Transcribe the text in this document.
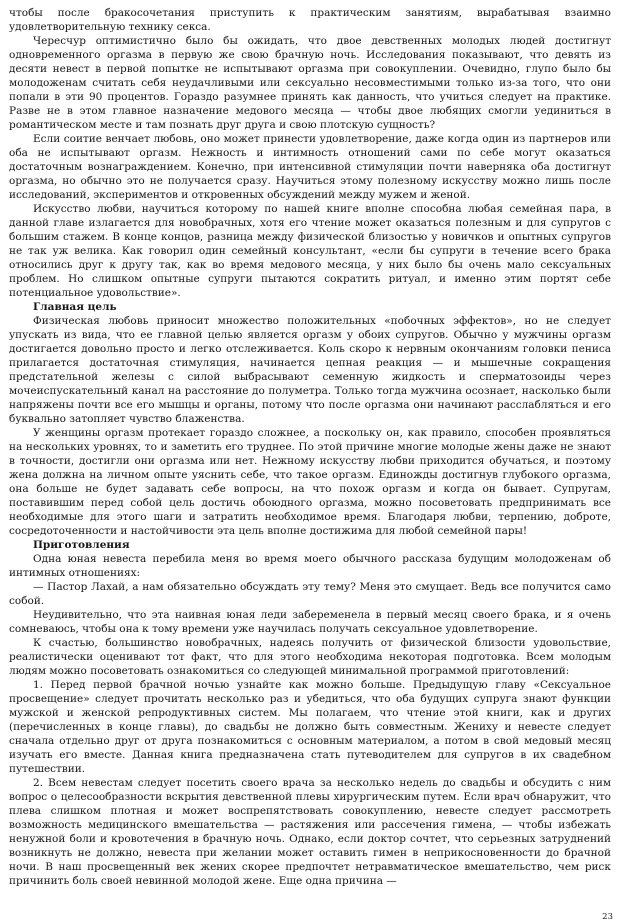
чтобы после бракосочетания приступить к практическим занятиям, вырабатывая взаимно удовлетворительную технику секса.

Чересчур оптимистично было бы ожидать, что двое девственных молодых людей достигнут одновременного оргазма в первую же свою брачную ночь. Исследования показывают, что девять из десяти невест в первой попытке не испытывают оргазма при совокуплении. Очевидно, глупо было бы молодоженам считать себя неудачливыми или сексуально несовместимыми только из-за того, что они попали в эти 90 процентов. Гораздо разумнее принять как данность, что учиться следует на практике. Разве не в этом главное назначение медового месяца — чтобы двое любящих смогли уединиться в романтическом месте и там познать друг друга и свою плотскую сущность?

Если соитие венчает любовь, оно может принести удовлетворение, даже когда один из партнеров или оба не испытывают оргазм. Нежность и интимность отношений сами по себе могут оказаться достаточным вознаграждением. Конечно, при интенсивной стимуляции почти наверняка оба достигнут оргазма, но обычно это не получается сразу. Научиться этому полезному искусству можно лишь после исследований, экспериментов и откровенных обсуждений между мужем и женой.

Искусство любви, научиться которому по нашей книге вполне способна любая семейная пара, в данной главе излагается для новобрачных, хотя его чтение может оказаться полезным и для супругов с большим стажем. В конце концов, разница между физической близостью у новичков и опытных супругов не так уж велика. Как говорил один семейный консультант, «если бы супруги в течение всего брака относились друг к другу так, как во время медового месяца, у них было бы очень мало сексуальных проблем. Но слишком опытные супруги пытаются сократить ритуал, и именно этим портят себе потенциальное удовольствие».

Главная цель

Физическая любовь приносит множество положительных «побочных эффектов», но не следует упускать из вида, что ее главной целью является оргазм у обоих супругов. Обычно у мужчины оргазм достигается довольно просто и легко отслеживается. Коль скоро к нервным окончаниям головки пениса прилагается достаточная стимуляция, начинается цепная реакция — и мышечные сокращения предстательной железы с силой выбрасывают семенную жидкость и сперматозоиды через мочеиспускательный канал на расстояние до полуметра. Только тогда мужчина осознает, насколько были напряжены почти все его мышцы и органы, потому что после оргазма они начинают расслабляться и его буквально затопляет чувство блаженства.

У женщины оргазм протекает гораздо сложнее, а поскольку он, как правило, способен проявляться на нескольких уровнях, то и заметить его труднее. По этой причине многие молодые жены даже не знают в точности, достигли они оргазма или нет. Нежному искусству любви приходится обучаться, и поэтому жена должна на личном опыте уяснить себе, что такое оргазм. Единожды достигнув глубокого оргазма, она больше не будет задавать себе вопросы, на что похож оргазм и когда он бывает. Супругам, поставившим перед собой цель достичь обоюдного оргазма, можно посоветовать предпринимать все необходимые для этого шаги и затратить необходимое время. Благодаря любви, терпению, доброте, сосредоточенности и настойчивости эта цель вполне достижима для любой семейной пары!

Приготовления

Одна юная невеста перебила меня во время моего обычного рассказа будущим молодоженам об интимных отношениях:

— Пастор Лахай, а нам обязательно обсуждать эту тему? Меня это смущает. Ведь все получится само собой.

Неудивительно, что эта наивная юная леди забеременела в первый месяц своего брака, и я очень сомневаюсь, чтобы она к тому времени уже научилась получать сексуальное удовлетворение.

К счастью, большинство новобрачных, надеясь получить от физической близости удовольствие, реалистически оценивают тот факт, что для этого необходима некоторая подготовка. Всем молодым людям можно посоветовать ознакомиться со следующей минимальной программой приготовлений:

1. Перед первой брачной ночью узнайте как можно больше. Предыдущую главу «Сексуальное просвещение» следует прочитать несколько раз и убедиться, что оба будущих супруга знают функции мужской и женской репродуктивных систем. Мы полагаем, что чтение этой книги, как и других (перечисленных в конце главы), до свадьбы не должно быть совместным. Жениху и невесте следует сначала отдельно друг от друга познакомиться с основным материалом, а потом в свой медовый месяц изучать его вместе. Данная книга предназначена стать путеводителем для супругов в их свадебном путешествии.

2. Всем невестам следует посетить своего врача за несколько недель до свадьбы и обсудить с ним вопрос о целесообразности вскрытия девственной плевы хирургическим путем. Если врач обнаружит, что плева слишком плотная и может воспрепятствовать совокуплению, невесте следует рассмотреть возможность медицинского вмешательства — растяжения или рассечения гимена, — чтобы избежать ненужной боли и кровотечения в брачную ночь. Однако, если доктор сочтет, что серьезных затруднений возникнуть не должно, невеста при желании может оставить гимен в неприкосновенности до брачной ночи. В наш просвещенный век жених скорее предпочтет нетравматическое вмешательство, чем риск причинить боль своей невинной молодой жене. Еще одна причина —

23
